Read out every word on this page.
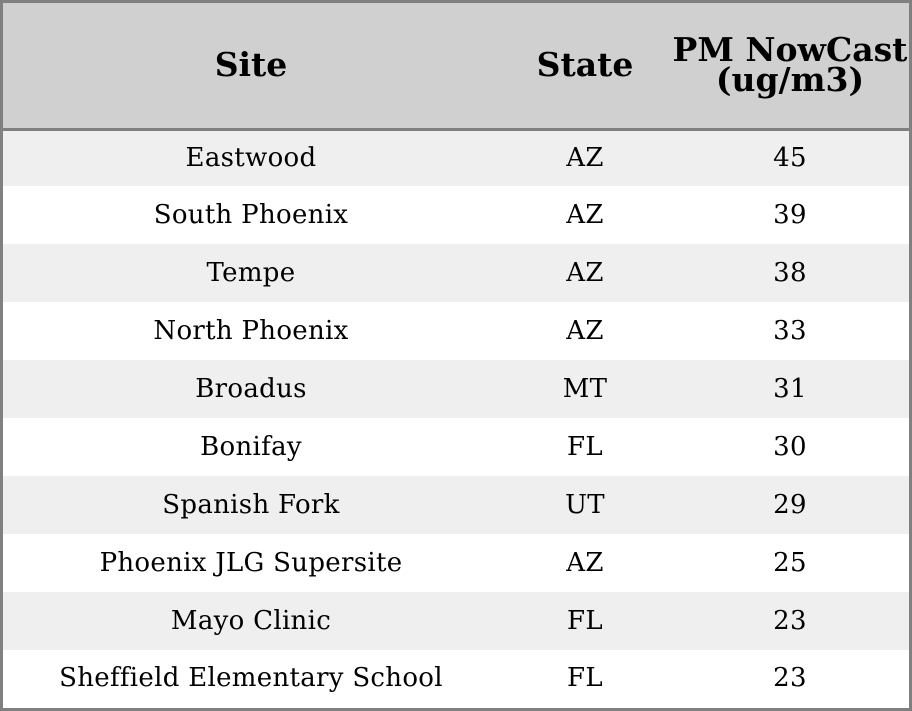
Site	State	PM NowCast (ug/m3)
Eastwood	AZ	45
South Phoenix	AZ	39
Tempe	AZ	38
North Phoenix	AZ	33
Broadus	MT	31
Bonifay	FL	30
Spanish Fork	UT	29
Phoenix JLG Supersite	AZ	25
Mayo Clinic	FL	23
Sheffield Elementary School	FL	23
